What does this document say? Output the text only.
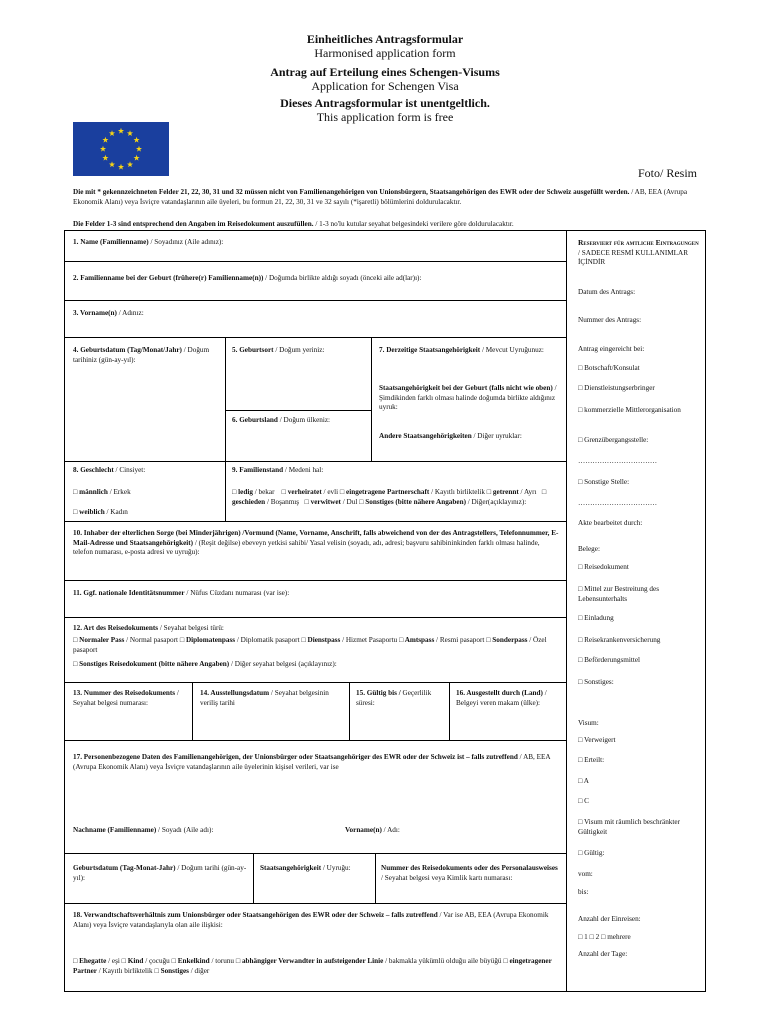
Einheitliches Antragsformular
Harmonised application form
Antrag auf Erteilung eines Schengen-Visums
Application for Schengen Visa
Dieses Antragsformular ist unentgeltlich.
This application form is free
Foto/ Resim
Die mit * gekennzeichneten Felder 21, 22, 30, 31 und 32 müssen nicht von Familienangehörigen von Unionsbürgern, Staatsangehörigen des EWR oder der Schweiz ausgefüllt werden. / AB, EEA (Avrupa Ekonomik Alanı) veya İsviçre vatandaşlarının aile üyeleri, bu formun 21, 22, 30, 31 ve 32 sayılı (*işaretli) bölümlerini doldurulacaktır.
Die Felder 1-3 sind entsprechend den Angaben im Reisedokument auszufüllen. / 1-3 no'lu kutular seyahat belgesindeki verilere göre doldurulacaktır.
1. Name (Familienname) / Soyadınız (Aile adınız):
2. Familienname bei der Geburt (frühere(r) Familienname(n)) / Doğumda birlikte aldığı soyadı (önceki aile ad(lar)ı):
3. Vorname(n) / Adınız:
4. Geburtsdatum (Tag/Monat/Jahr) / Doğum tarihiniz (gün-ay-yıl):
5. Geburtsort / Doğum yeriniz:
6. Geburtsland / Doğum ülkeniz:
7. Derzeitige Staatsangehörigkeit / Mevcut Uyruğunuz:
Staatsangehörigkeit bei der Geburt (falls nicht wie oben) / Şimdikinden farklı olması halinde doğumda birlikte aldığınız uyruk:
Andere Staatsangehörigkeiten / Diğer uyruklar:
8. Geschlecht / Cinsiyet:
□ männlich / Erkek
□ weiblich / Kadın
9. Familienstand / Medeni hal:
□ ledig / bekar □ verheiratet / evli □ eingetragene Partnerschaft / Kayıtlı birliktelik □ getrennt / Ayrı □ geschieden / Boşanmış □ verwitwet / Dul □ Sonstiges (bitte nähere Angaben) / Diğer(açıklayınız):
10. Inhaber der elterlichen Sorge (bei Minderjährigen) /Vormund (Name, Vorname, Anschrift, falls abweichend von der des Antragstellers, Telefonnummer, E-Mail-Adresse und Staatsangehörigkeit) / (Reşit değilse) ebeveyn yetkisi sahibi/ Yasal velisin (soyadı, adı, adresi; başvuru sahibininkinden farklı olması halinde, telefon numarası, e-posta adresi ve uyruğu):
11. Ggf. nationale Identitätsnummer / Nüfus Cüzdanı numarası (var ise):
12. Art des Reisedokuments / Seyahat belgesi türü:
□ Normaler Pass / Normal pasaport □ Diplomatenpass / Diplomatik pasaport □ Dienstpass / Hizmet Pasaportu □ Amtspass / Resmi pasaport □ Sonderpass / Özel pasaport
□ Sonstiges Reisedokument (bitte nähere Angaben) / Diğer seyahat belgesi (açıklayınız):
13. Nummer des Reisedokuments / Seyahat belgesi numarası:
14. Ausstellungsdatum / Seyahat belgesinin veriliş tarihi
15. Gültig bis / Geçerlilik süresi:
16. Ausgestellt durch (Land) / Belgeyi veren makam (ülke):
17. Personenbezogene Daten des Familienangehörigen, der Unionsbürger oder Staatsangehöriger des EWR oder der Schweiz ist – falls zutreffend / AB, EEA (Avrupa Ekonomik Alanı) veya İsviçre vatandaşlarının aile üyelerinin kişisel verileri, var ise
Nachname (Familienname) / Soyadı (Aile adı):	Vorname(n) / Adı:
Geburtsdatum (Tag-Monat-Jahr) / Doğum tarihi (gün-ay-yıl):
Staatsangehörigkeit / Uyruğu:	Nummer des Reisedokuments oder des Personalausweises / Seyahat belgesi veya Kimlik kartı numarası:
18. Verwandtschaftsverhältnis zum Unionsbürger oder Staatsangehörigen des EWR oder der Schweiz – falls zutreffend / Var ise AB, EEA (Avrupa Ekonomik Alanı) veya İsviçre vatandaşlarıyla olan aile ilişkisi:
□ Ehegatte / eşi □ Kind / çocuğu □ Enkelkind / torunu □ abhängiger Verwandter in aufsteigender Linie / bakmakla yükümlü olduğu aile büyüğü □ eingetragener Partner / Kayıtlı birliktelik □ Sonstiges / diğer
Reserviert für amtliche Eintragungen / SADECE RESMİ KULLANIMLAR İÇİNDİR
Datum des Antrags:
Nummer des Antrags:
Antrag eingereicht bei:
□ Botschaft/Konsulat
□ Dienstleistungserbringer
□ kommerzielle Mittlerorganisation
□ Grenzübergangsstelle:
……………………………
□ Sonstige Stelle:
……………………………
Akte bearbeitet durch:
Belege:
□ Reisedokument
□ Mittel zur Bestreitung des Lebensunterhalts
□ Einladung
□ Reisekrankenversicherung
□ Beförderungsmittel
□ Sonstiges:
Visum:
□ Verweigert
□ Erteilt:
□ A
□ C
□ Visum mit räumlich beschränkter Gültigkeit
□ Gültig:
vom:
bis:
Anzahl der Einreisen:
□ 1 □ 2 □ mehrere
Anzahl der Tage:
